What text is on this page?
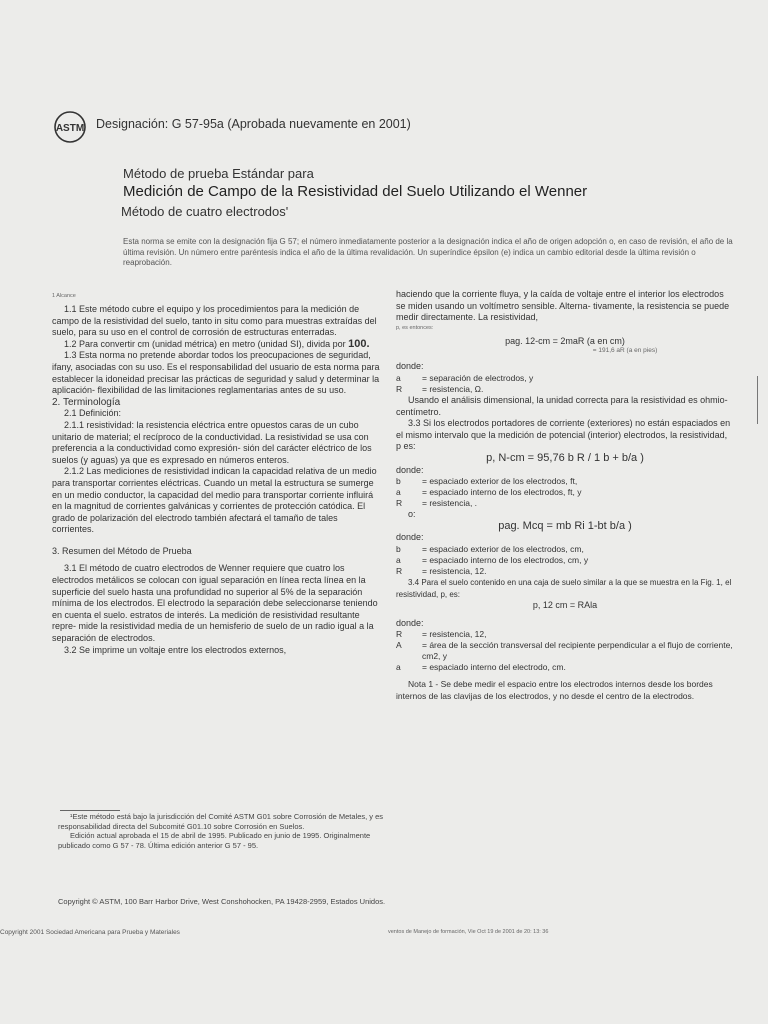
ASTM Designación: G 57-95a (Aprobada nuevamente en 2001)
Método de prueba Estándar para
Medición de Campo de la Resistividad del Suelo Utilizando el Wenner
Método de cuatro electrodos'
Esta norma se emite con la designación fija G 57; el número inmediatamente posterior a la designación indica el año de origen adopción o, en caso de revisión, el año de la última revisión. Un número entre paréntesis indica el año de la última revalidación. Un superíndice épsilon (e) indica un cambio editorial desde la última revisión o reaprobación.

1 Alcance

1.1 Este método cubre el equipo y los procedimientos para la medición de campo de la resistividad del suelo, tanto in situ como para muestras extraídas del suelo, para su uso en el control de corrosión de estructuras enterradas.

1.2 Para convertir cm (unidad métrica) en metro (unidad SI), divida por 100.

1.3 Esta norma no pretende abordar todos los preocupaciones de seguridad, ifany, asociadas con su uso. Es el responsabilidad del usuario de esta norma para establecer la idoneidad precisar las prácticas de seguridad y salud y determinar la aplicación- flexibilidad de las limitaciones reglamentarias antes de su uso.

2. Terminología

2.1 Definición:

2.1.1 resistividad: la resistencia eléctrica entre opuestos caras de un cubo unitario de material; el recíproco de la conductividad. La resistividad se usa con preferencia a la conductividad como expresión- sión del carácter eléctrico de los suelos (y aguas) ya que es expresado en números enteros.

2.1.2 Las mediciones de resistividad indican la capacidad relativa de un medio para transportar corrientes eléctricas. Cuando un metal la estructura se sumerge en un medio conductor, la capacidad del medio para transportar corriente influirá en la magnitud de corrientes galvánicas y corrientes de protección catódica. El grado de polarización del electrodo también afectará el tamaño de tales corrientes.

3. Resumen del Método de Prueba

3.1 El método de cuatro electrodos de Wenner requiere que cuatro los electrodos metálicos se colocan con igual separación en línea recta línea en la superficie del suelo hasta una profundidad no superior al 5% de la separación mínima de los electrodos. El electrodo la separación debe seleccionarse teniendo en cuenta el suelo. estratos de interés. La medición de resistividad resultante repre- mide la resistividad media de un hemisferio de suelo de un radio igual a la separación de electrodos.

3.2 Se imprime un voltaje entre los electrodos externos,

haciendo que la corriente fluya, y la caída de voltaje entre el interior los electrodos se miden usando un voltímetro sensible. Alterna- tivamente, la resistencia se puede medir directamente. La resistividad,

p, es entonces:

pag. 12-cm = 2maR (a en cm)

= 191,6 aR (a en pies)

donde:

a	= separación de electrodos, y
R	= resistencia, Ω.

Usando el análisis dimensional, la unidad correcta para la resistividad es ohmio-centímetro.

3.3 Si los electrodos portadores de corriente (exteriores) no están espaciados en el mismo intervalo que la medición de potencial (interior) electrodos, la resistividad, p es:

p, N-cm = 95,76 b R / 1 b + b/a )

donde:

b	= espaciado exterior de los electrodos, ft,
a	= espaciado interno de los electrodos, ft, y
R	= resistencia, .

o:

pag. Mcq = mb Ri 1-bt b/a )

donde:

b	= espaciado exterior de los electrodos, cm,
a	= espaciado interno de los electrodos, cm, y
R	= resistencia, 12.

3.4 Para el suelo contenido en una caja de suelo similar a la que se muestra en la Fig. 1, el resistividad, p, es:

p, 12 cm = RAla

donde:

R	= resistencia, 12,
A	= área de la sección transversal del recipiente perpendicular a el flujo de corriente, cm2, y
a	= espaciado interno del electrodo, cm.

Nota 1 - Se debe medir el espacio entre los electrodos internos desde los bordes internos de las clavijas de los electrodos, y no desde el centro de la electrodos.

¹Este método está bajo la jurisdicción del Comité ASTM G01 sobre Corrosión de Metales, y es responsabilidad directa del Subcomité G01.10 sobre Corrosión en Suelos.

Edición actual aprobada el 15 de abril de 1995. Publicado en junio de 1995. Originalmente publicado como G 57 - 78. Última edición anterior G 57 - 95.

Copyright © ASTM, 100 Barr Harbor Drive, West Conshohocken, PA 19428-2959, Estados Unidos.
Copyright 2001 Sociedad Americana para Prueba y Materiales	ventos de Manejo de formación, Vie Oct 19 de 2001 de 20: 13: 36
